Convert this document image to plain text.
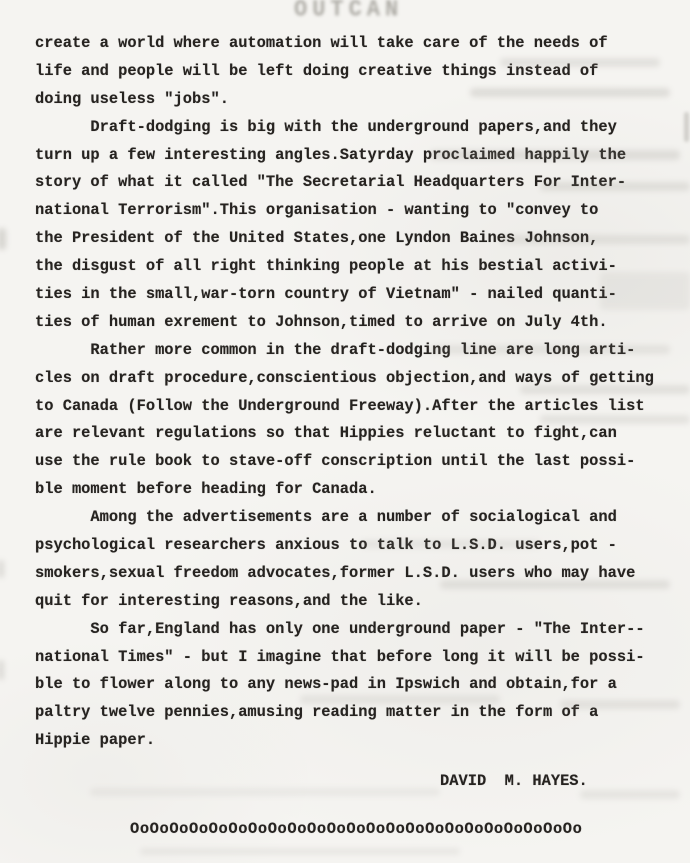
OUTCAN
create a world where automation will take care of the needs of
life and people will be left doing creative things instead of
doing useless "jobs".
Draft-dodging is big with the underground papers,and they
turn up a few interesting angles.Satyrday proclaimed happily the
story of what it called "The Secretarial Headquarters For Inter-
national Terrorism".This organisation - wanting to "convey to
the President of the United States,one Lyndon Baines Johnson,
the disgust of all right thinking people at his bestial activi-
ties in the small,war-torn country of Vietnam" - nailed quanti-
ties of human exrement to Johnson,timed to arrive on July 4th.
Rather more common in the draft-dodging line are long arti-
cles on draft procedure,conscientious objection,and ways of getting
to Canada (Follow the Underground Freeway).After the articles list
are relevant regulations so that Hippies reluctant to fight,can
use the rule book to stave-off conscription until the last possi-
ble moment before heading for Canada.
Among the advertisements are a number of socialogical and
psychological researchers anxious to talk to L.S.D. users,pot -
smokers,sexual freedom advocates,former L.S.D. users who may have
quit for interesting reasons,and the like.
So far,England has only one underground paper - "The Inter--
national Times" - but I imagine that before long it will be possi-
ble to flower along to any news-pad in Ipswich and obtain,for a
paltry twelve pennies,amusing reading matter in the form of a
Hippie paper.
DAVID  M. HAYES.
OoOoOoOoOoOoOoOoOoOoOoOoOoOoOoOoOoOoOoOoOoOoOo
